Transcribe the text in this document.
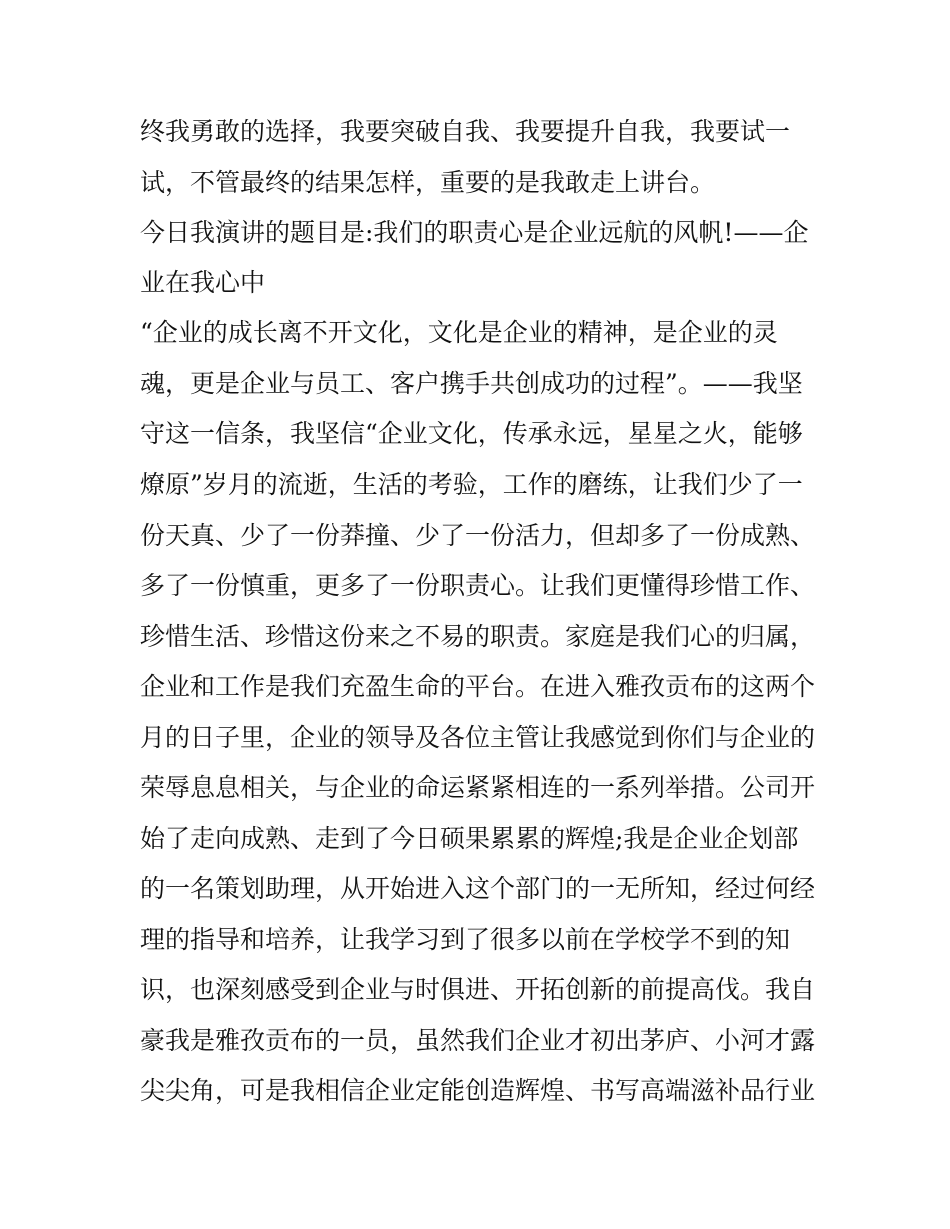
终我勇敢的选择，我要突破自我、我要提升自我，我要试一
试，不管最终的结果怎样，重要的是我敢走上讲台。
今日我演讲的题目是:我们的职责心是企业远航的风帆!——企
业在我心中
“企业的成长离不开文化，文化是企业的精神，是企业的灵
魂，更是企业与员工、客户携手共创成功的过程”。——我坚
守这一信条，我坚信“企业文化，传承永远，星星之火，能够
燎原”岁月的流逝，生活的考验，工作的磨练，让我们少了一
份天真、少了一份莽撞、少了一份活力，但却多了一份成熟、
多了一份慎重，更多了一份职责心。让我们更懂得珍惜工作、
珍惜生活、珍惜这份来之不易的职责。家庭是我们心的归属，
企业和工作是我们充盈生命的平台。在进入雅孜贡布的这两个
月的日子里，企业的领导及各位主管让我感觉到你们与企业的
荣辱息息相关，与企业的命运紧紧相连的一系列举措。公司开
始了走向成熟、走到了今日硕果累累的辉煌;我是企业企划部
的一名策划助理，从开始进入这个部门的一无所知，经过何经
理的指导和培养，让我学习到了很多以前在学校学不到的知
识，也深刻感受到企业与时俱进、开拓创新的前提高伐。我自
豪我是雅孜贡布的一员，虽然我们企业才初出茅庐、小河才露
尖尖角，可是我相信企业定能创造辉煌、书写高端滋补品行业
